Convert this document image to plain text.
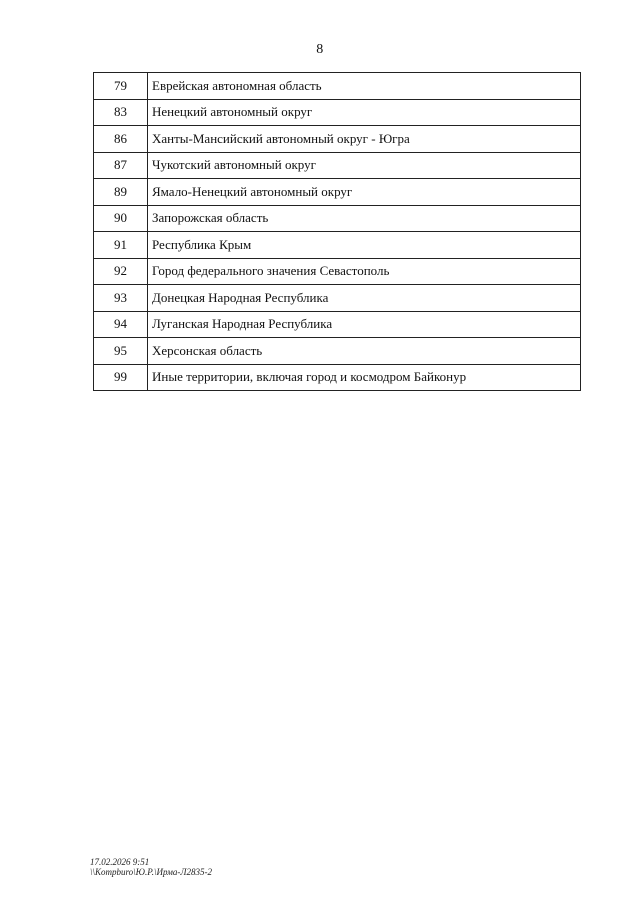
8
79	Еврейская автономная область
83	Ненецкий автономный округ
86	Ханты-Мансийский автономный округ - Югра
87	Чукотский автономный округ
89	Ямало-Ненецкий автономный округ
90	Запорожская область
91	Республика Крым
92	Город федерального значения Севастополь
93	Донецкая Народная Республика
94	Луганская Народная Республика
95	Херсонская область
99	Иные территории, включая город и космодром Байконур
17.02.2026 9:51
\\Kompburo\Ю.Р.\Ирма-Л2835-2
